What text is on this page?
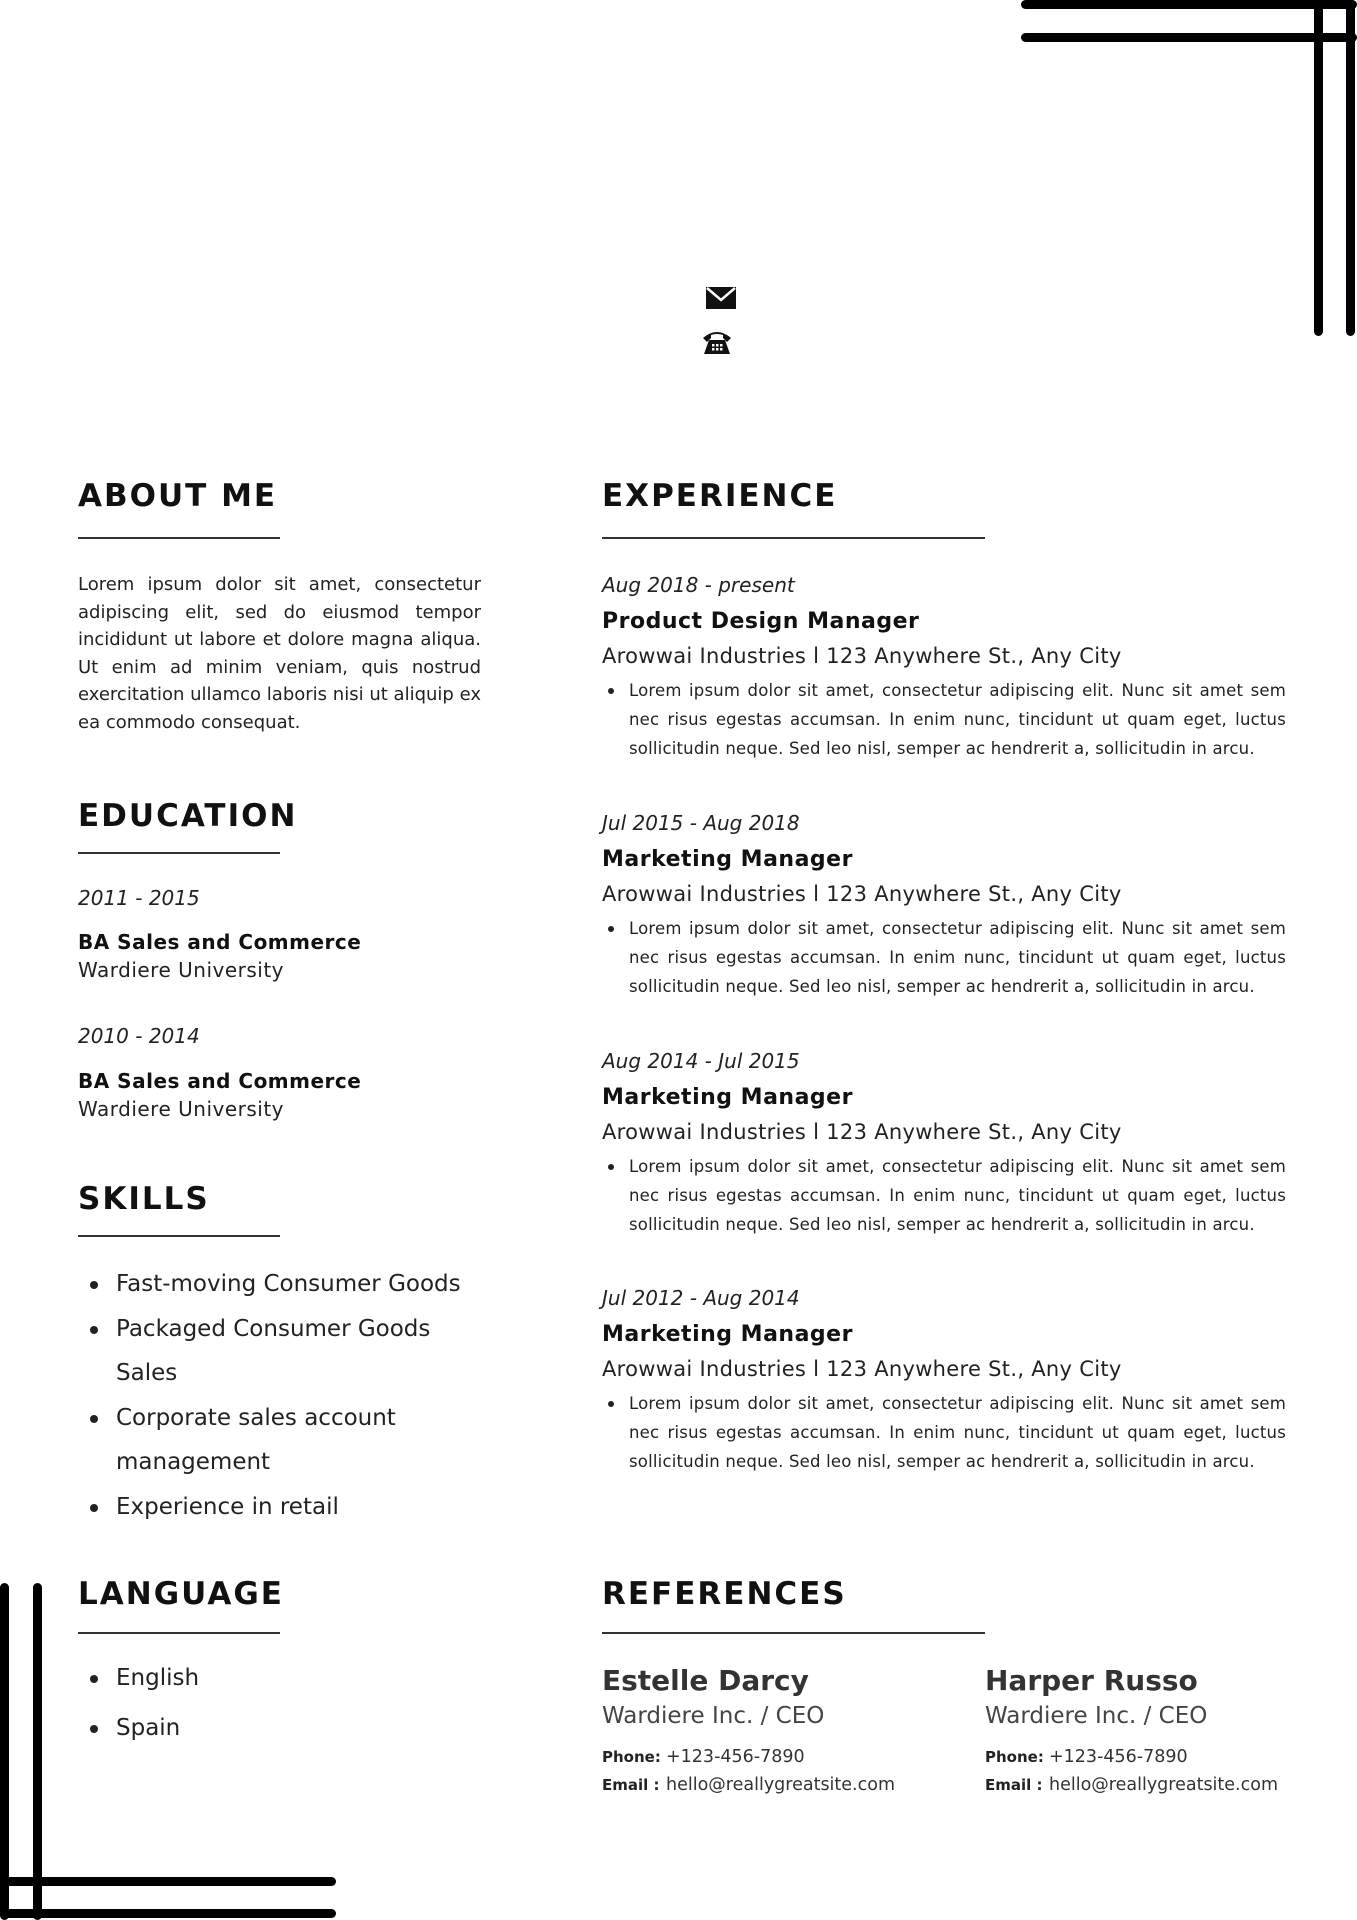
ABOUT ME
Lorem ipsum dolor sit amet, consectetur adipiscing elit, sed do eiusmod tempor incididunt ut labore et dolore magna aliqua. Ut enim ad minim veniam, quis nostrud exercitation ullamco laboris nisi ut aliquip ex ea commodo consequat.
EDUCATION
2011 - 2015
BA Sales and Commerce
Wardiere University
2010 - 2014
BA Sales and Commerce
Wardiere University
SKILLS
Fast-moving Consumer Goods
Packaged Consumer Goods Sales
Corporate sales account management
Experience in retail
EXPERIENCE
Aug 2018 - present
Product Design Manager
Arowwai Industries l 123 Anywhere St., Any City

Lorem ipsum dolor sit amet, consectetur adipiscing elit. Nunc sit amet sem nec risus egestas accumsan. In enim nunc, tincidunt ut quam eget, luctus sollicitudin neque. Sed leo nisl, semper ac hendrerit a, sollicitudin in arcu.

Jul 2015 - Aug 2018
Marketing Manager
Arowwai Industries l 123 Anywhere St., Any City

Lorem ipsum dolor sit amet, consectetur adipiscing elit. Nunc sit amet sem nec risus egestas accumsan. In enim nunc, tincidunt ut quam eget, luctus sollicitudin neque. Sed leo nisl, semper ac hendrerit a, sollicitudin in arcu.

Aug 2014 - Jul 2015
Marketing Manager
Arowwai Industries l 123 Anywhere St., Any City

Lorem ipsum dolor sit amet, consectetur adipiscing elit. Nunc sit amet sem nec risus egestas accumsan. In enim nunc, tincidunt ut quam eget, luctus sollicitudin neque. Sed leo nisl, semper ac hendrerit a, sollicitudin in arcu.

Jul 2012 - Aug 2014
Marketing Manager
Arowwai Industries l 123 Anywhere St., Any City

Lorem ipsum dolor sit amet, consectetur adipiscing elit. Nunc sit amet sem nec risus egestas accumsan. In enim nunc, tincidunt ut quam eget, luctus sollicitudin neque. Sed leo nisl, semper ac hendrerit a, sollicitudin in arcu.

LANGUAGE
English
Spain
REFERENCES
Estelle Darcy
Wardiere Inc. / CEO
Phone: +123-456-7890
Email : hello@reallygreatsite.com
Harper Russo
Wardiere Inc. / CEO
Phone: +123-456-7890
Email : hello@reallygreatsite.com
